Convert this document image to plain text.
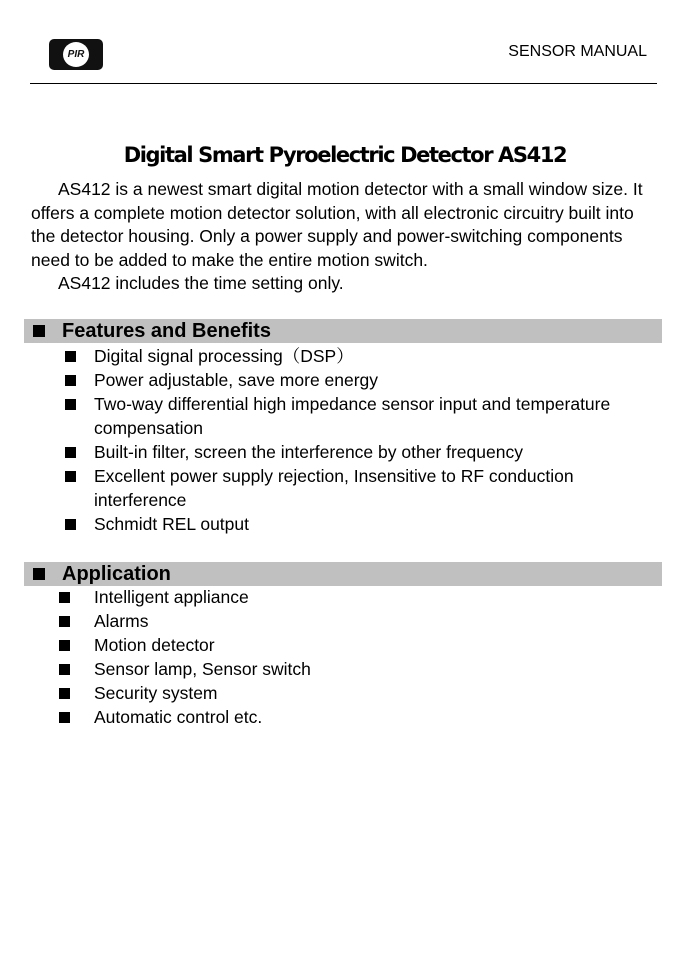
PIR	SENSOR MANUAL
Digital Smart Pyroelectric Detector AS412

AS412 is a newest smart digital motion detector with a small window size. It offers a complete motion detector solution, with all electronic circuitry built into the detector housing. Only a power supply and power-switching components need to be added to make the entire motion switch.

AS412 includes the time setting only.

Features and Benefits
Digital signal processing（DSP）
Power adjustable, save more energy
Two-way differential high impedance sensor input and temperature compensation
Built-in filter, screen the interference by other frequency
Excellent power supply rejection, Insensitive to RF conduction interference
Schmidt REL output
Application
Intelligent appliance
Alarms
Motion detector
Sensor lamp, Sensor switch
Security system
Automatic control etc.
